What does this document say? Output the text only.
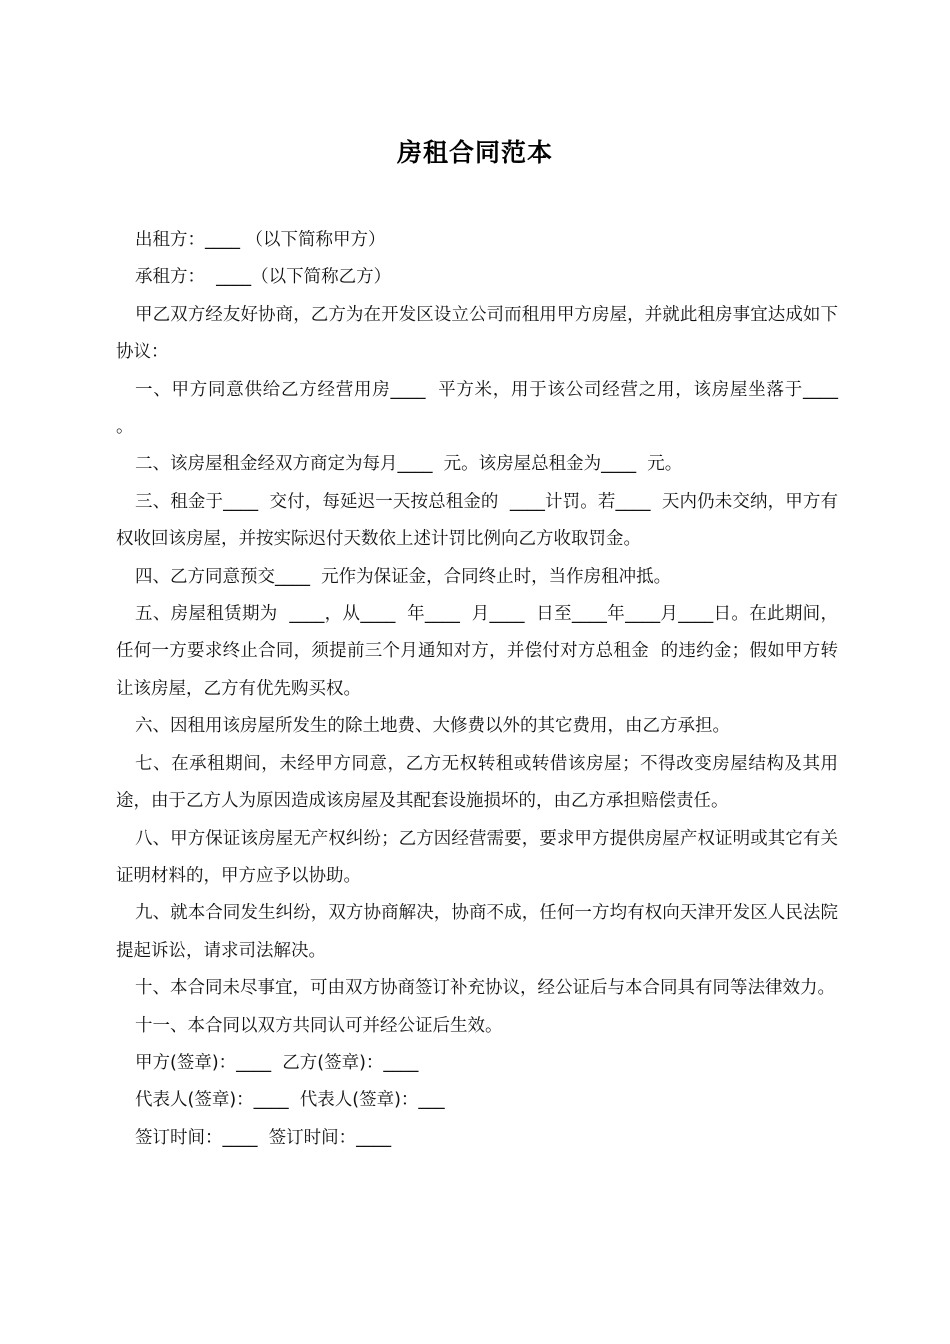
房租合同范本

出租方：____ （以下简称甲方）

承租方：  ____（以下简称乙方）

甲乙双方经友好协商，乙方为在开发区设立公司而租用甲方房屋，并就此租房事宜达成如下协议：

一、甲方同意供给乙方经营用房____  平方米，用于该公司经营之用，该房屋坐落于____  。

二、该房屋租金经双方商定为每月____  元。该房屋总租金为____  元。

三、租金于____  交付，每延迟一天按总租金的  ____计罚。若____  天内仍未交纳，甲方有权收回该房屋，并按实际迟付天数依上述计罚比例向乙方收取罚金。

四、乙方同意预交____  元作为保证金，合同终止时，当作房租冲抵。

五、房屋租赁期为  ____，从____  年____  月____  日至____年____月____日。在此期间，任何一方要求终止合同，须提前三个月通知对方，并偿付对方总租金  的违约金；假如甲方转让该房屋，乙方有优先购买权。

六、因租用该房屋所发生的除土地费、大修费以外的其它费用，由乙方承担。

七、在承租期间，未经甲方同意，乙方无权转租或转借该房屋；不得改变房屋结构及其用途，由于乙方人为原因造成该房屋及其配套设施损坏的，由乙方承担赔偿责任。

八、甲方保证该房屋无产权纠纷；乙方因经营需要，要求甲方提供房屋产权证明或其它有关证明材料的，甲方应予以协助。

九、就本合同发生纠纷，双方协商解决，协商不成，任何一方均有权向天津开发区人民法院提起诉讼，请求司法解决。

十、本合同未尽事宜，可由双方协商签订补充协议，经公证后与本合同具有同等法律效力。

十一、本合同以双方共同认可并经公证后生效。

甲方(签章)：____  乙方(签章)：____

代表人(签章)：____  代表人(签章)：___

签订时间：____  签订时间：____
